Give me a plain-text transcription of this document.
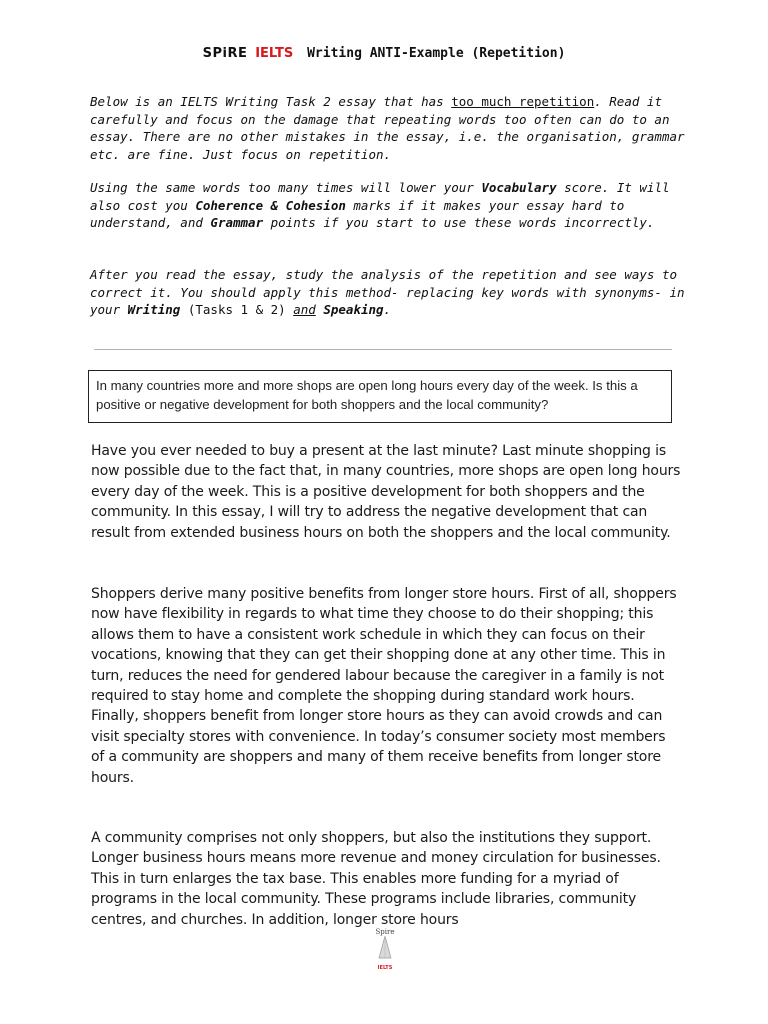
SPiRE IELTS Writing ANTI-Example (Repetition)

Below is an IELTS Writing Task 2 essay that has too much repetition. Read it carefully and focus on the damage that repeating words too often can do to an essay. There are no other mistakes in the essay, i.e. the organisation, grammar etc. are fine. Just focus on repetition.

Using the same words too many times will lower your Vocabulary score. It will also cost you Coherence & Cohesion marks if it makes your essay hard to understand, and Grammar points if you start to use these words incorrectly.

After you read the essay, study the analysis of the repetition and see ways to correct it. You should apply this method- replacing key words with synonyms- in your Writing (Tasks 1 & 2) and Speaking.

In many countries more and more shops are open long hours every day of the week. Is this a positive or negative development for both shoppers and the local community?

Have you ever needed to buy a present at the last minute? Last minute shopping is now possible due to the fact that, in many countries, more shops are open long hours every day of the week. This is a positive development for both shoppers and the community. In this essay, I will try to address the negative development that can result from extended business hours on both the shoppers and the local community.

Shoppers derive many positive benefits from longer store hours. First of all, shoppers now have flexibility in regards to what time they choose to do their shopping; this allows them to have a consistent work schedule in which they can focus on their vocations, knowing that they can get their shopping done at any other time. This in turn, reduces the need for gendered labour because the caregiver in a family is not required to stay home and complete the shopping during standard work hours. Finally, shoppers benefit from longer store hours as they can avoid crowds and can visit specialty stores with convenience. In today’s consumer society most members of a community are shoppers and many of them receive benefits from longer store hours.

A community comprises not only shoppers, but also the institutions they support. Longer business hours means more revenue and money circulation for businesses. This in turn enlarges the tax base. This enables more funding for a myriad of programs in the local community. These programs include libraries, community centres, and churches. In addition, longer store hours

Spire
IELTS
